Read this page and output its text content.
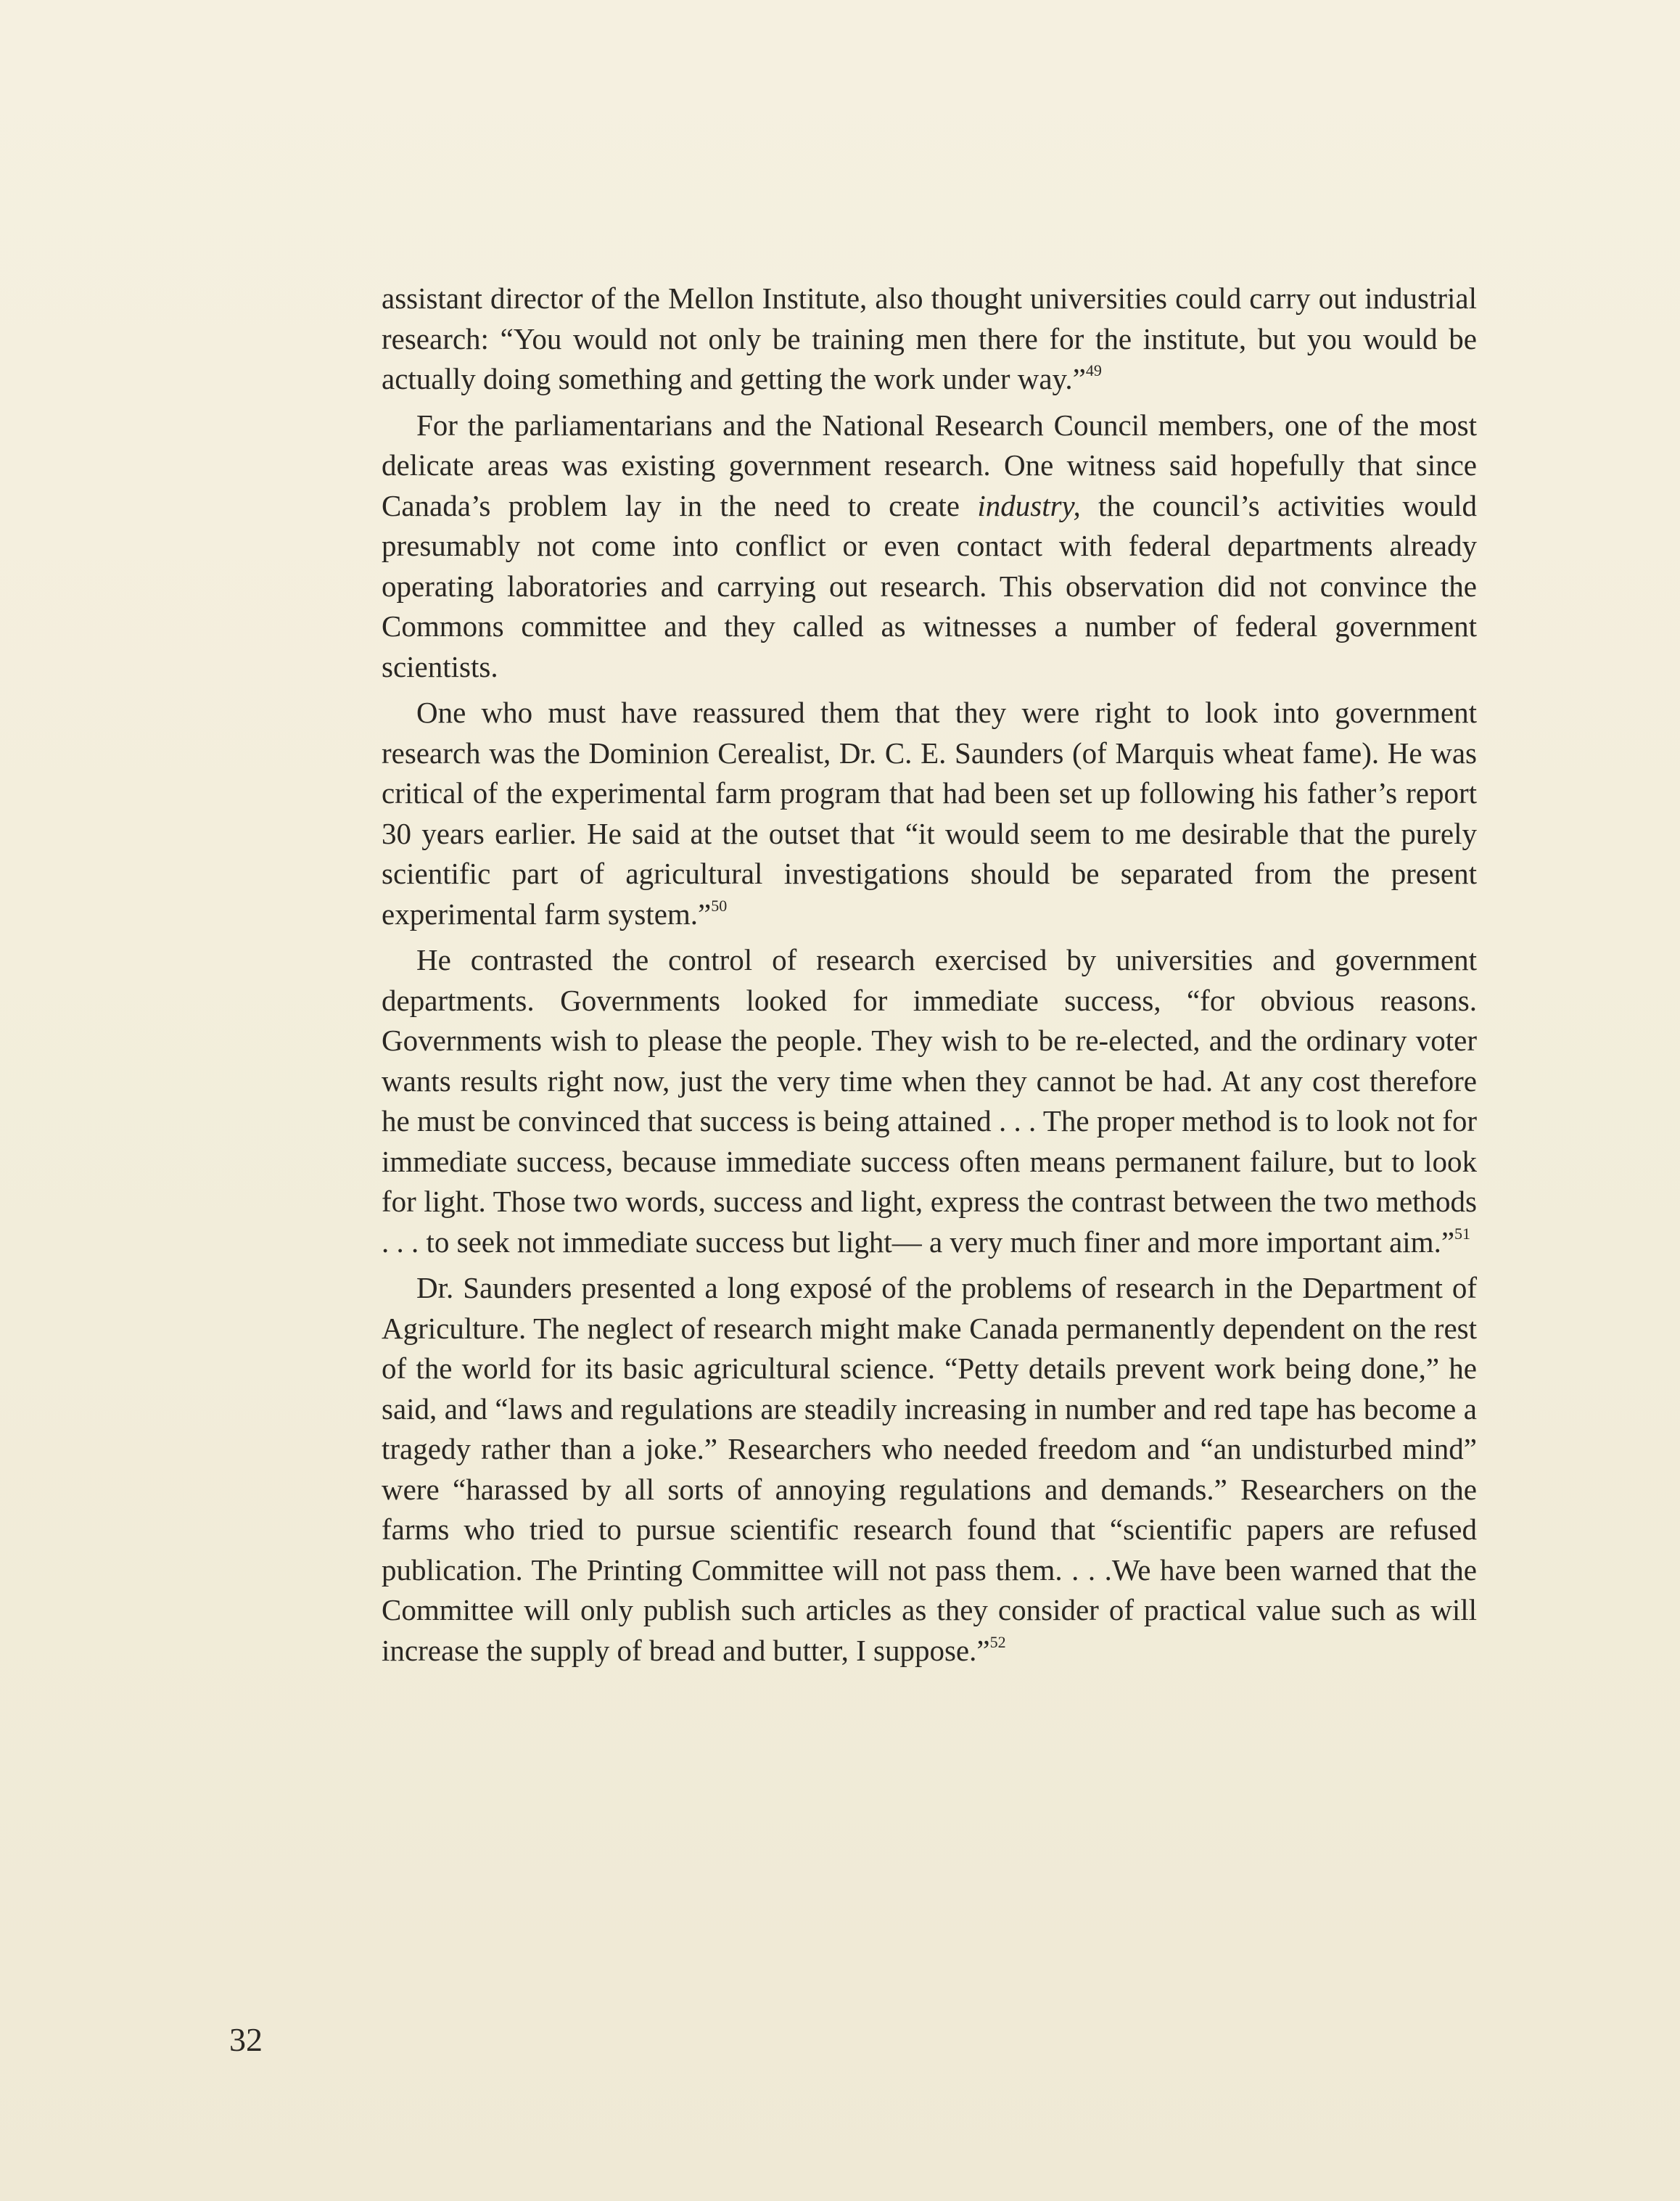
assistant director of the Mellon Institute, also thought universities could carry out industrial research: “You would not only be training men there for the institute, but you would be actually doing something and getting the work under way.”$^{49}$

For the parliamentarians and the National Research Council members, one of the most delicate areas was existing government research. One witness said hopefully that since Canada’s problem lay in the need to create industry, the council’s activities would presumably not come into conflict or even contact with federal departments already operating laboratories and carrying out research. This observation did not convince the Commons committee and they called as witnesses a number of federal government scientists.

One who must have reassured them that they were right to look into government research was the Dominion Cerealist, Dr. C. E. Saunders (of Marquis wheat fame). He was critical of the experimental farm program that had been set up following his father’s report 30 years earlier. He said at the outset that “it would seem to me desirable that the purely scientific part of agricultural investigations should be separated from the present experimental farm system.”$^{50}$

He contrasted the control of research exercised by universities and government departments. Governments looked for immediate success, “for obvious reasons. Governments wish to please the people. They wish to be re-elected, and the ordinary voter wants results right now, just the very time when they cannot be had. At any cost therefore he must be convinced that success is being attained . . . The proper method is to look not for immediate success, because immediate success often means permanent failure, but to look for light. Those two words, success and light, express the contrast between the two methods . . . to seek not immediate success but light— a very much finer and more important aim.”$^{51}$

Dr. Saunders presented a long exposé of the problems of research in the Department of Agriculture. The neglect of research might make Canada permanently dependent on the rest of the world for its basic agricultural science. “Petty details prevent work being done,” he said, and “laws and regulations are steadily increasing in number and red tape has become a tragedy rather than a joke.” Researchers who needed freedom and “an undisturbed mind” were “harassed by all sorts of annoying regulations and demands.” Researchers on the farms who tried to pursue scientific research found that “scientific papers are refused publication. The Printing Committee will not pass them. . . .We have been warned that the Committee will only publish such articles as they consider of practical value such as will increase the supply of bread and butter, I suppose.”$^{52}$

32
